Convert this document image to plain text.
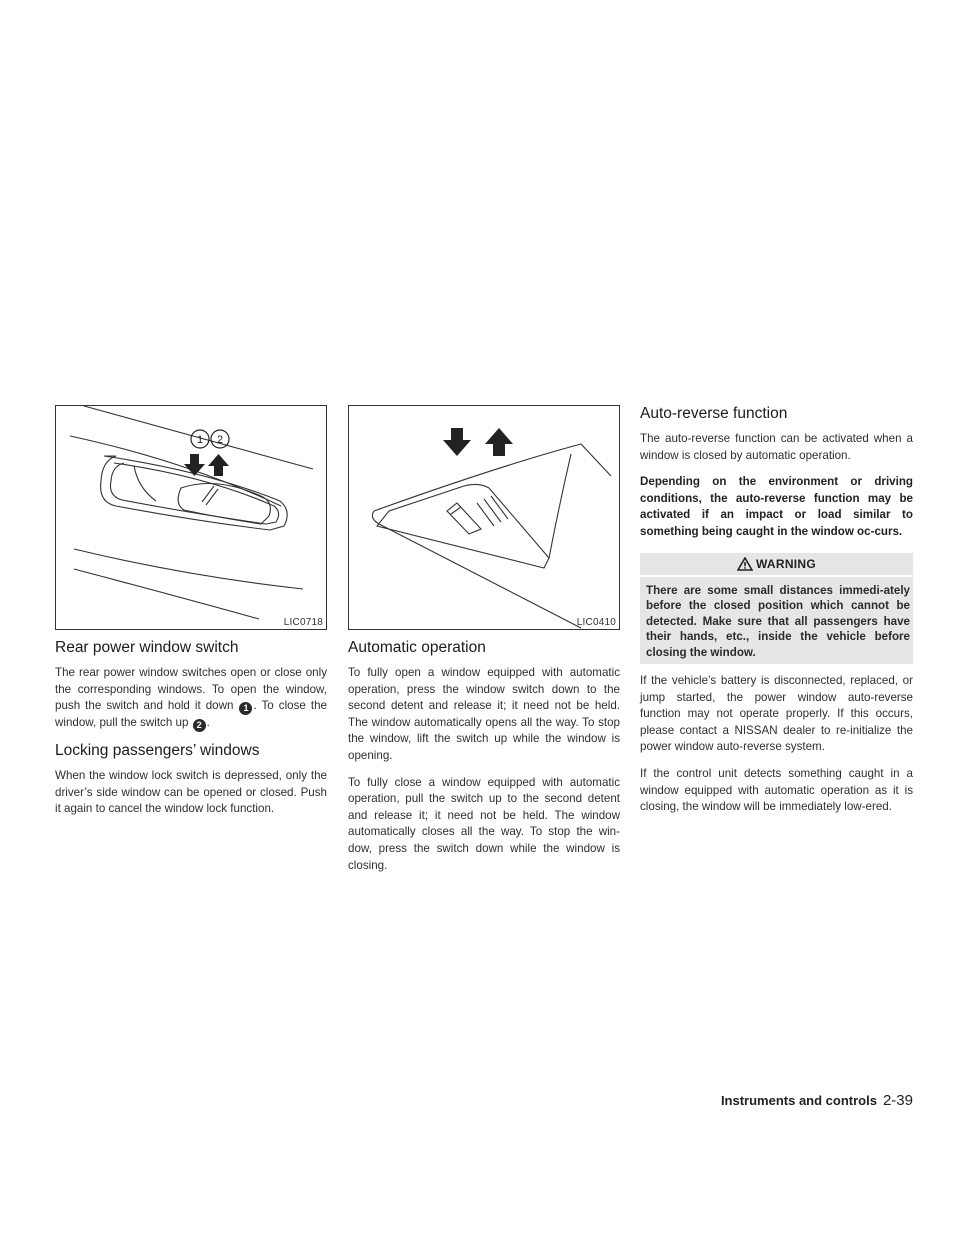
1 2
LIC0718
Rear power window switch

The rear power window switches open or close only the corresponding windows. To open the window, push the switch and hold it down 1 . To close the window, pull the switch up 2 .

Locking passengers’ windows

When the window lock switch is depressed, only the driver’s side window can be opened or closed. Push it again to cancel the window lock function.

LIC0410
Automatic operation

To fully open a window equipped with automatic operation, press the window switch down to the second detent and release it; it need not be held. The window automatically opens all the way. To stop the window, lift the switch up while the window is opening.

To fully close a window equipped with automatic operation, pull the switch up to the second detent and release it; it need not be held. The window automatically closes all the way. To stop the win-dow, press the switch down while the window is closing.

Auto-reverse function

The auto-reverse function can be activated when a window is closed by automatic operation.

Depending on the environment or driving conditions, the auto-reverse function may be activated if an impact or load similar to something being caught in the window oc-curs.

WARNING
There are some small distances immedi-ately before the closed position which cannot be detected. Make sure that all passengers have their hands, etc., inside the vehicle before closing the window.

If the vehicle’s battery is disconnected, replaced, or jump started, the power window auto-reverse function may not operate properly. If this occurs, please contact a NISSAN dealer to re-initialize the power window auto-reverse system.

If the control unit detects something caught in a window equipped with automatic operation as it is closing, the window will be immediately low-ered.

Instruments and controls 2-39
